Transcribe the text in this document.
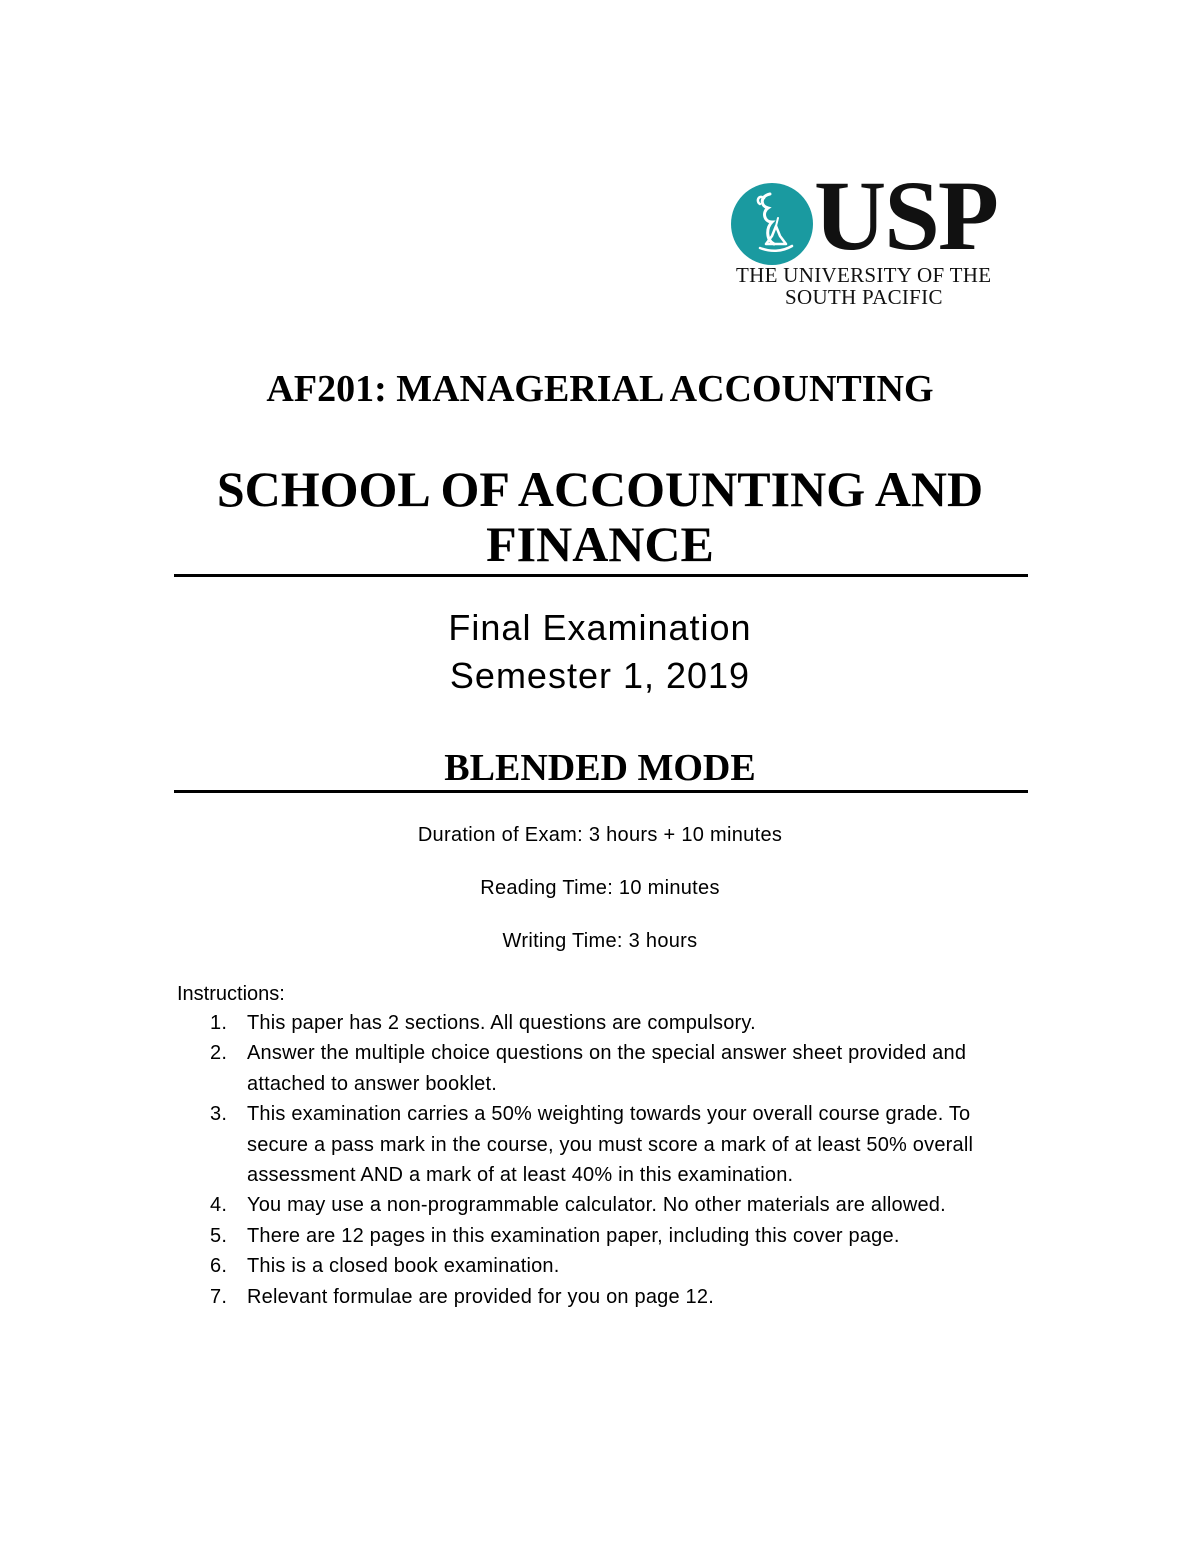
USP
THE UNIVERSITY OF THE
SOUTH PACIFIC
AF201: MANAGERIAL ACCOUNTING
SCHOOL OF ACCOUNTING AND FINANCE
Final Examination
Semester 1, 2019
BLENDED MODE
Duration of Exam: 3 hours + 10 minutes
Reading Time: 10 minutes
Writing Time: 3 hours
Instructions:
1. This paper has 2 sections. All questions are compulsory.
2. Answer the multiple choice questions on the special answer sheet provided and attached to answer booklet.
3. This examination carries a 50% weighting towards your overall course grade. To secure a pass mark in the course, you must score a mark of at least 50% overall assessment AND a mark of at least 40% in this examination.
4. You may use a non-programmable calculator. No other materials are allowed.
5. There are 12 pages in this examination paper, including this cover page.
6. This is a closed book examination.
7. Relevant formulae are provided for you on page 12.
